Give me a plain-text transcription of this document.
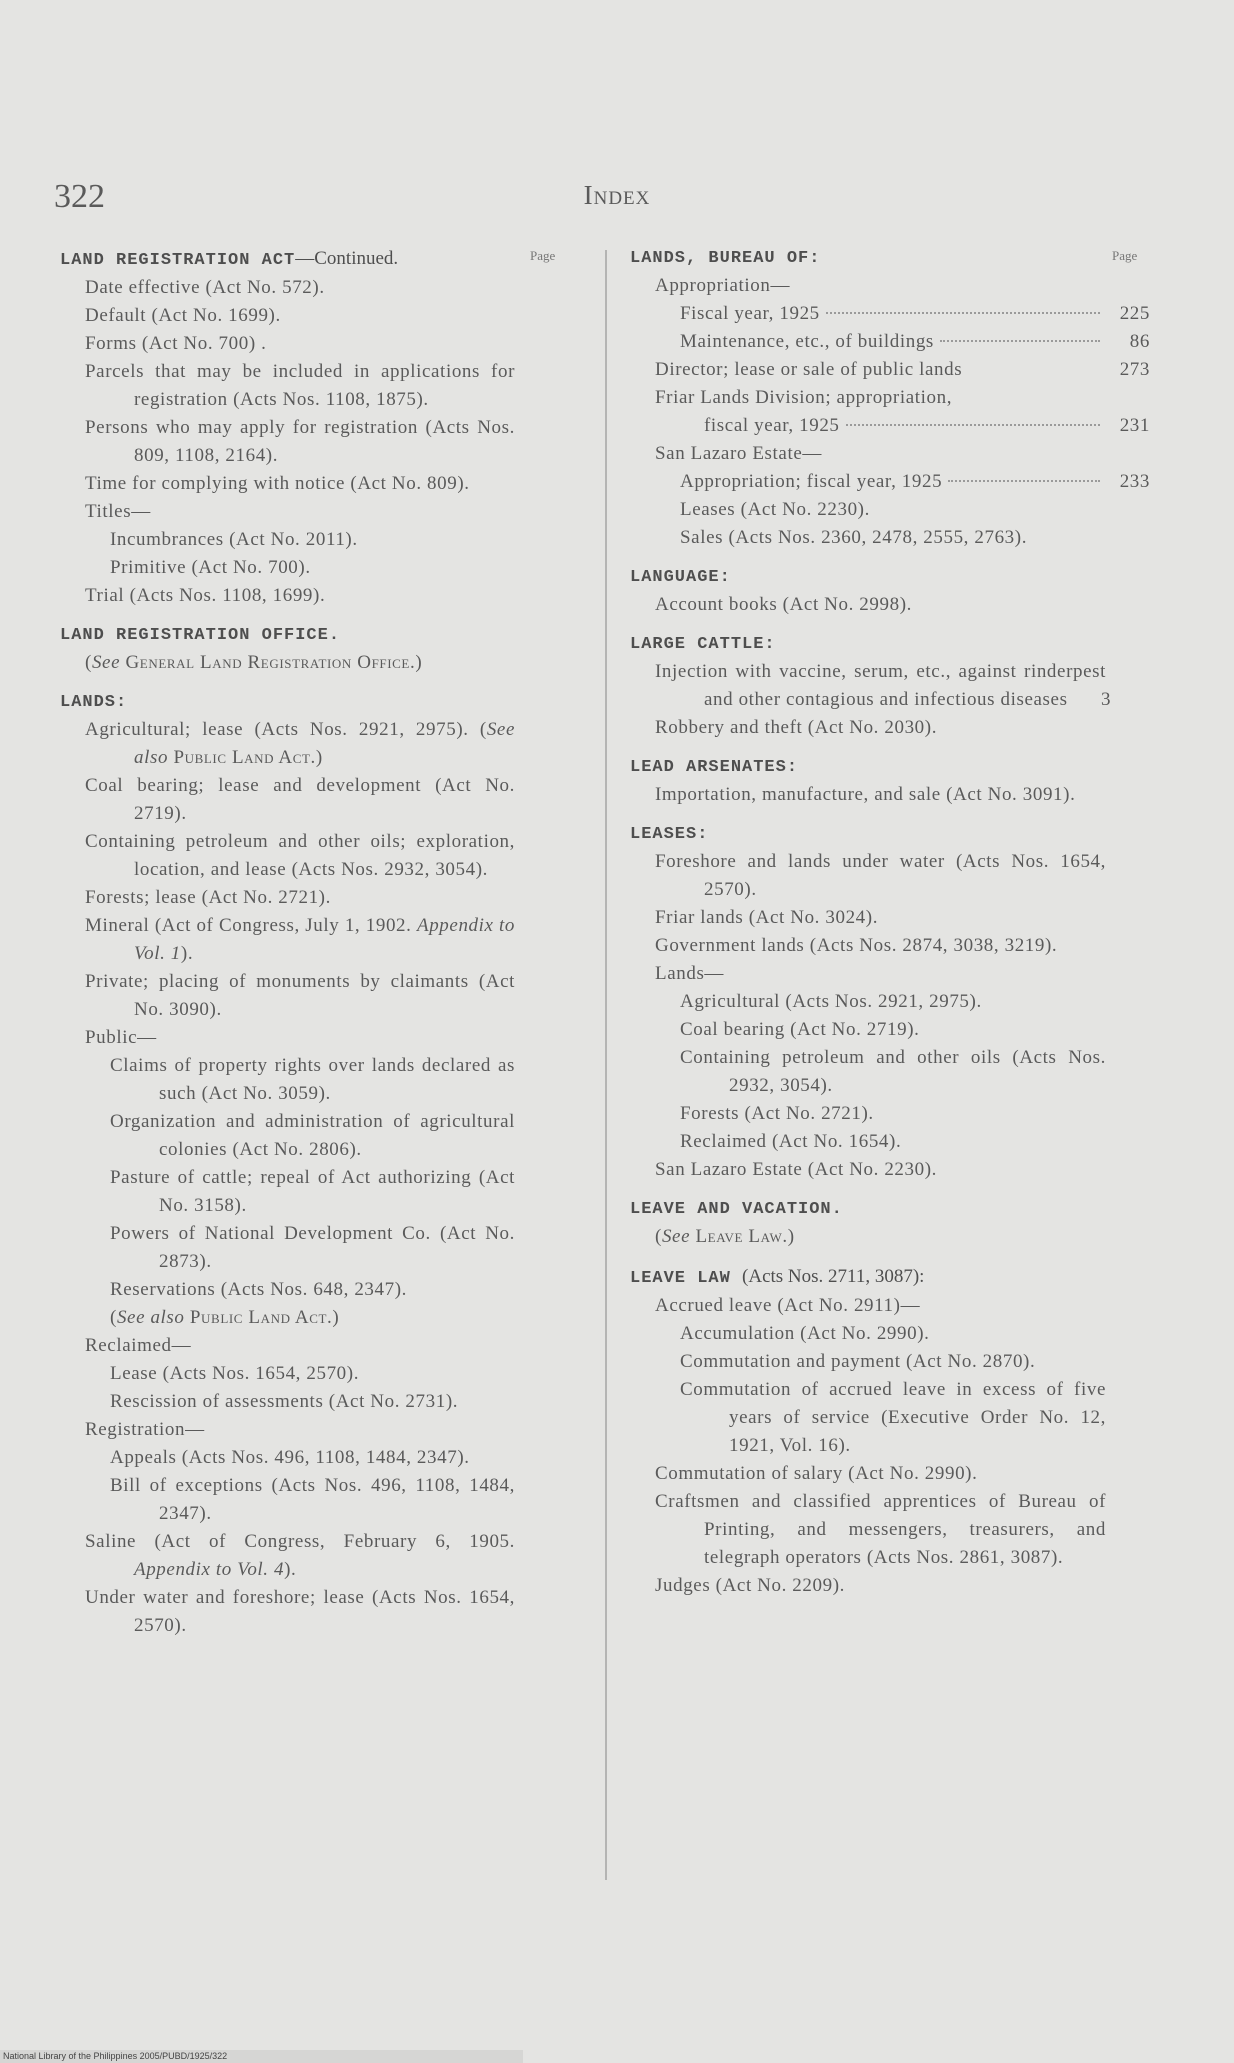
322	Index
Page	Page
LAND REGISTRATION ACT—Continued.
Date effective (Act No. 572).
Default (Act No. 1699).
Forms (Act No. 700) .
Parcels that may be included in applications for registration (Acts Nos. 1108, 1875).
Persons who may apply for registration (Acts Nos. 809, 1108, 2164).
Time for complying with notice (Act No. 809).
Titles—
Incumbrances (Act No. 2011).
Primitive (Act No. 700).
Trial (Acts Nos. 1108, 1699).
LAND REGISTRATION OFFICE.
(See General Land Registration Office.)
LANDS:
Agricultural; lease (Acts Nos. 2921, 2975). (See also Public Land Act.)
Coal bearing; lease and development (Act No. 2719).
Containing petroleum and other oils; exploration, location, and lease (Acts Nos. 2932, 3054).
Forests; lease (Act No. 2721).
Mineral (Act of Congress, July 1, 1902. Appendix to Vol. 1).
Private; placing of monuments by claimants (Act No. 3090).
Public—
Claims of property rights over lands declared as such (Act No. 3059).
Organization and administration of agricultural colonies (Act No. 2806).
Pasture of cattle; repeal of Act authorizing (Act No. 3158).
Powers of National Development Co. (Act No. 2873).
Reservations (Acts Nos. 648, 2347).
(See also Public Land Act.)
Reclaimed—
Lease (Acts Nos. 1654, 2570).
Rescission of assessments (Act No. 2731).
Registration—
Appeals (Acts Nos. 496, 1108, 1484, 2347).
Bill of exceptions (Acts Nos. 496, 1108, 1484, 2347).
Saline (Act of Congress, February 6, 1905. Appendix to Vol. 4).
Under water and foreshore; lease (Acts Nos. 1654, 2570).
LANDS, BUREAU OF:
Appropriation—
Fiscal year, 1925	225
Maintenance, etc., of buildings	86
Director; lease or sale of public lands	273
Friar Lands Division; appropriation,
fiscal year, 1925	231
San Lazaro Estate—
Appropriation; fiscal year, 1925	233
Leases (Act No. 2230).
Sales (Acts Nos. 2360, 2478, 2555, 2763).
LANGUAGE:
Account books (Act No. 2998).
LARGE CATTLE:
Injection with vaccine, serum, etc., against rinderpest and other contagious and infectious diseases 3
Robbery and theft (Act No. 2030).
LEAD ARSENATES:
Importation, manufacture, and sale (Act No. 3091).
LEASES:
Foreshore and lands under water (Acts Nos. 1654, 2570).
Friar lands (Act No. 3024).
Government lands (Acts Nos. 2874, 3038, 3219).
Lands—
Agricultural (Acts Nos. 2921, 2975).
Coal bearing (Act No. 2719).
Containing petroleum and other oils (Acts Nos. 2932, 3054).
Forests (Act No. 2721).
Reclaimed (Act No. 1654).
San Lazaro Estate (Act No. 2230).
LEAVE AND VACATION.
(See Leave Law.)
LEAVE LAW (Acts Nos. 2711, 3087):
Accrued leave (Act No. 2911)—
Accumulation (Act No. 2990).
Commutation and payment (Act No. 2870).
Commutation of accrued leave in excess of five years of service (Executive Order No. 12, 1921, Vol. 16).
Commutation of salary (Act No. 2990).
Craftsmen and classified apprentices of Bureau of Printing, and messengers, treasurers, and telegraph operators (Acts Nos. 2861, 3087).
Judges (Act No. 2209).
National Library of the Philippines 2005/PUBD/1925/322
